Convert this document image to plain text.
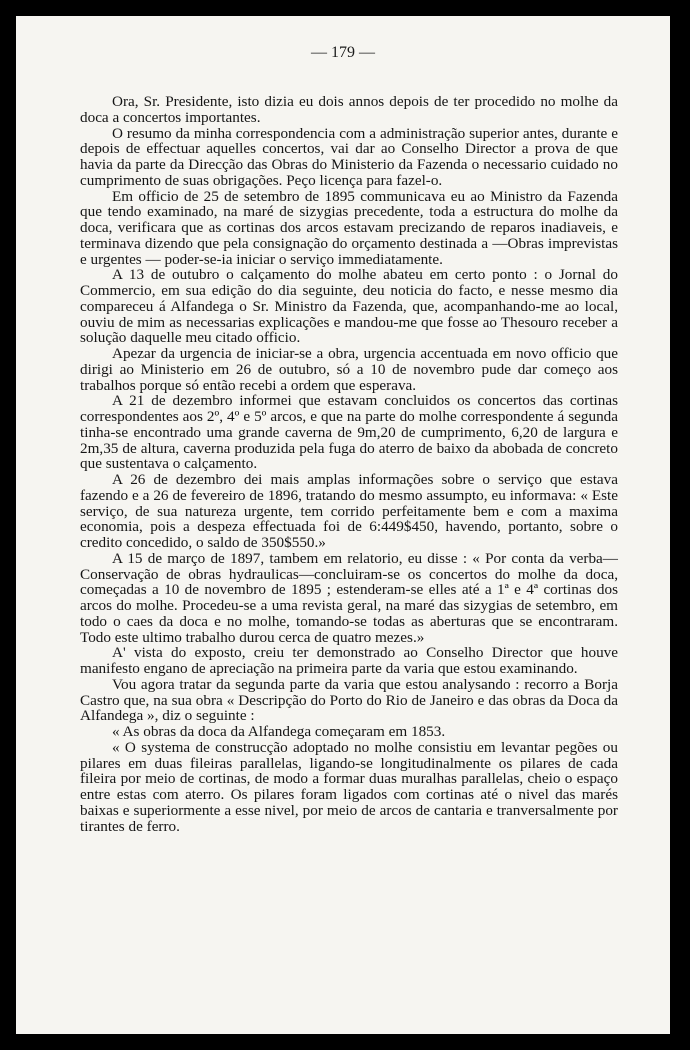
— 179 —

Ora, Sr. Presidente, isto dizia eu dois annos depois de ter procedido no molhe da doca a concertos importantes.

O resumo da minha correspondencia com a administração superior antes, durante e depois de effectuar aquelles concertos, vai dar ao Conselho Director a prova de que havia da parte da Direcção das Obras do Ministerio da Fazenda o necessario cuidado no cumprimento de suas obrigações. Peço licença para fazel-o.

Em officio de 25 de setembro de 1895 communicava eu ao Ministro da Fazenda que tendo examinado, na maré de sizygias precedente, toda a estructura do molhe da doca, verificara que as cortinas dos arcos estavam precizando de reparos inadiaveis, e terminava dizendo que pela consignação do orçamento destinada a —Obras imprevistas e urgentes — poder-se-ia iniciar o serviço immediatamente.

A 13 de outubro o calçamento do molhe abateu em certo ponto : o Jornal do Commercio, em sua edição do dia seguinte, deu noticia do facto, e nesse mesmo dia compareceu á Alfandega o Sr. Ministro da Fazenda, que, acompanhando-me ao local, ouviu de mim as necessarias explicações e mandou-me que fosse ao Thesouro receber a solução daquelle meu citado officio.

Apezar da urgencia de iniciar-se a obra, urgencia accentuada em novo officio que dirigi ao Ministerio em 26 de outubro, só a 10 de novembro pude dar começo aos trabalhos porque só então recebi a ordem que esperava.

A 21 de dezembro informei que estavam concluidos os concertos das cortinas correspondentes aos 2º, 4º e 5º arcos, e que na parte do molhe correspondente á segunda tinha-se encontrado uma grande caverna de 9m,20 de cumprimento, 6,20 de largura e 2m,35 de altura, caverna produzida pela fuga do aterro de baixo da abobada de concreto que sustentava o calçamento.

A 26 de dezembro dei mais amplas informações sobre o serviço que estava fazendo e a 26 de fevereiro de 1896, tratando do mesmo assumpto, eu informava: « Este serviço, de sua natureza urgente, tem corrido perfeitamente bem e com a maxima economia, pois a despeza effectuada foi de 6:449$450, havendo, portanto, sobre o credito concedido, o saldo de 350$550.»

A 15 de março de 1897, tambem em relatorio, eu disse : « Por conta da verba—Conservação de obras hydraulicas—concluiram-se os concertos do molhe da doca, começadas a 10 de novembro de 1895 ; estenderam-se elles até a 1ª e 4ª cortinas dos arcos do molhe. Procedeu-se a uma revista geral, na maré das sizygias de setembro, em todo o caes da doca e no molhe, tomando-se todas as aberturas que se encontraram. Todo este ultimo trabalho durou cerca de quatro mezes.»

A' vista do exposto, creiu ter demonstrado ao Conselho Director que houve manifesto engano de apreciação na primeira parte da varia que estou examinando.

Vou agora tratar da segunda parte da varia que estou analysando : recorro a Borja Castro que, na sua obra « Descripção do Porto do Rio de Janeiro e das obras da Doca da Alfandega », diz o seguinte :

« As obras da doca da Alfandega começaram em 1853.

« O systema de construcção adoptado no molhe consistiu em levantar pegões ou pilares em duas fileiras parallelas, ligando-se longitudinalmente os pilares de cada fileira por meio de cortinas, de modo a formar duas muralhas parallelas, cheio o espaço entre estas com aterro. Os pilares foram ligados com cortinas até o nivel das marés baixas e superiormente a esse nivel, por meio de arcos de cantaria e tranversalmente por tirantes de ferro.
